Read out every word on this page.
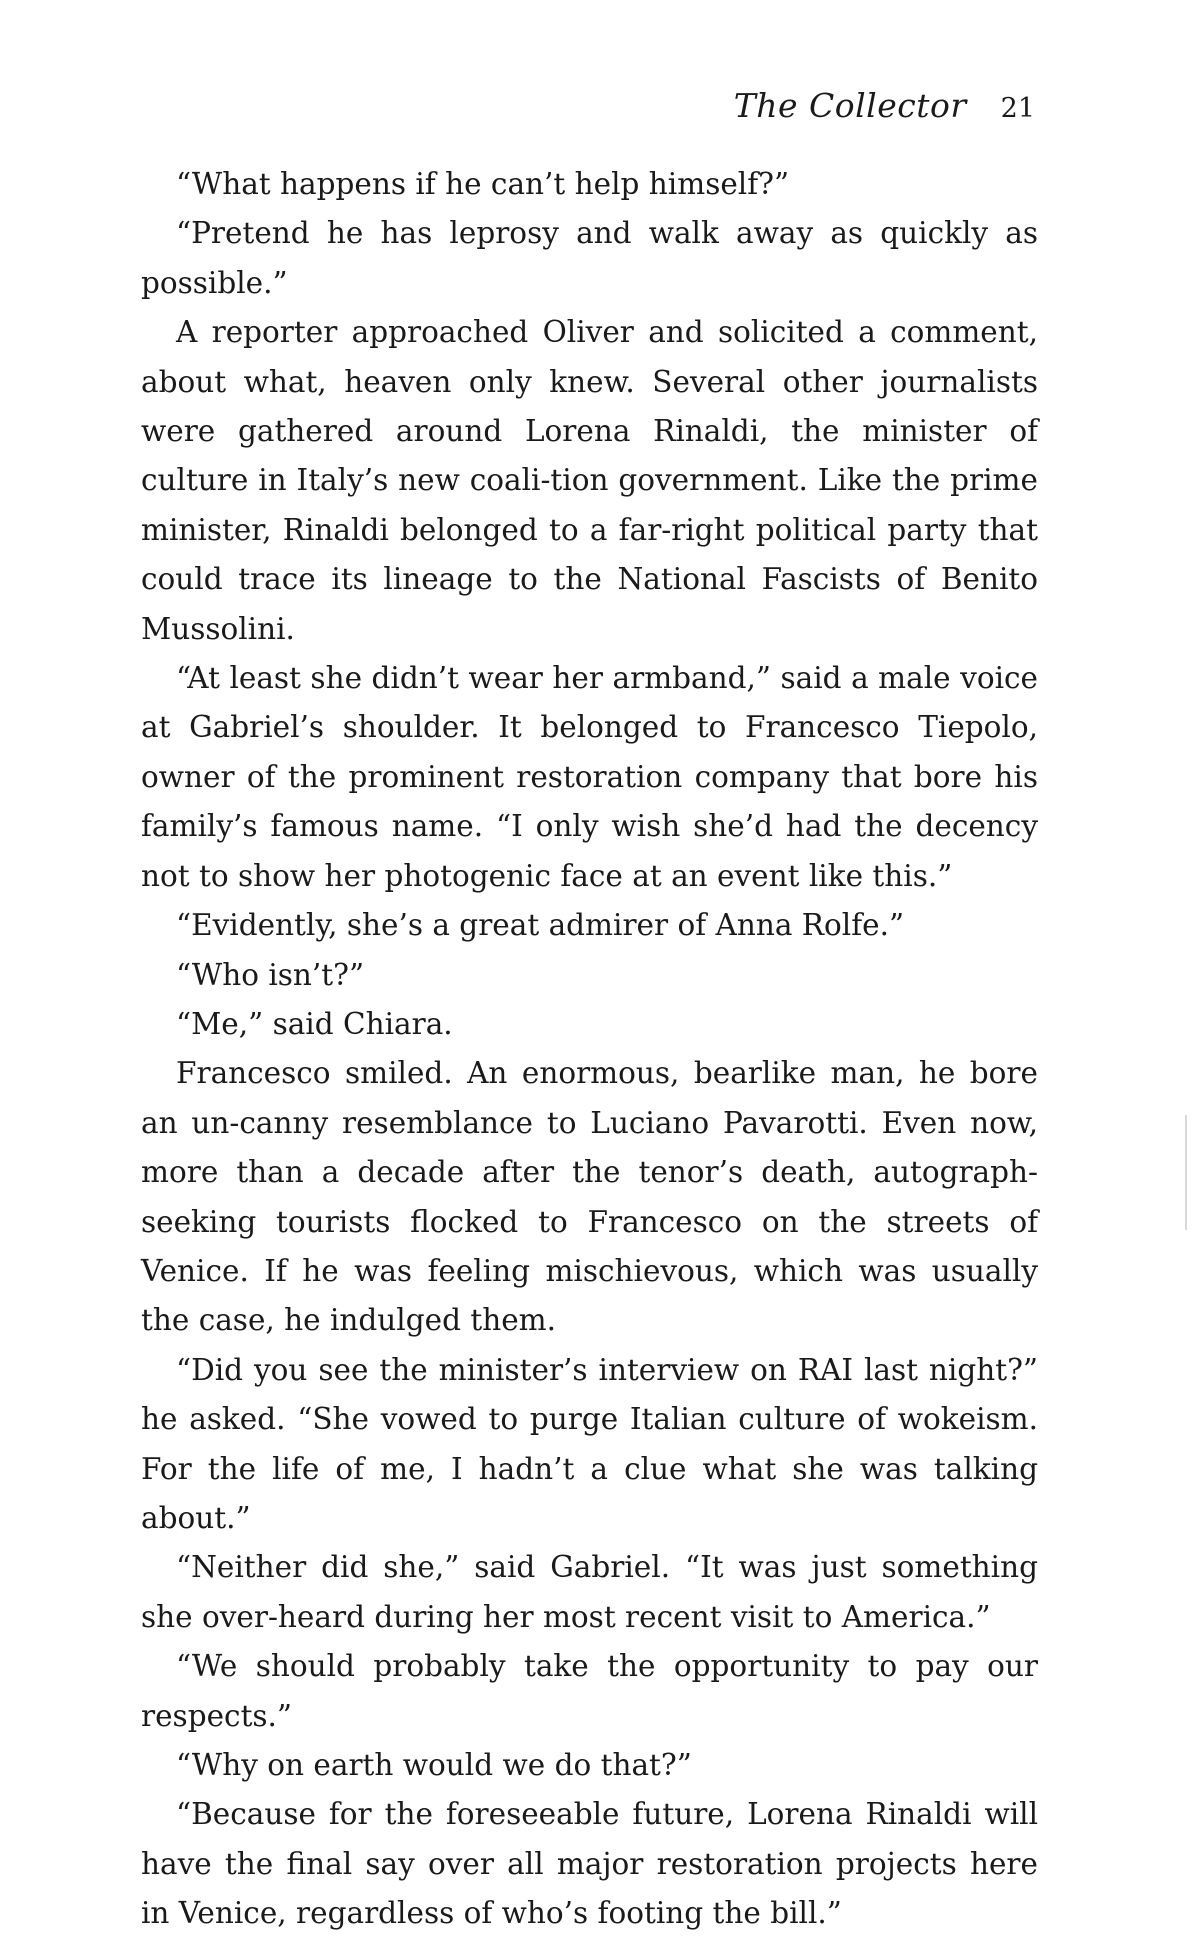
The Collector 21

“What happens if he can’t help himself?”

“Pretend he has leprosy and walk away as quickly as possible.”

A reporter approached Oliver and solicited a comment, about what, heaven only knew. Several other journalists were gathered around Lorena Rinaldi, the minister of culture in Italy’s new coali-tion government. Like the prime minister, Rinaldi belonged to a far-right political party that could trace its lineage to the National Fascists of Benito Mussolini.

“At least she didn’t wear her armband,” said a male voice at Gabriel’s shoulder. It belonged to Francesco Tiepolo, owner of the prominent restoration company that bore his family’s famous name. “I only wish she’d had the decency not to show her photogenic face at an event like this.”

“Evidently, she’s a great admirer of Anna Rolfe.”

“Who isn’t?”

“Me,” said Chiara.

Francesco smiled. An enormous, bearlike man, he bore an un-canny resemblance to Luciano Pavarotti. Even now, more than a decade after the tenor’s death, autograph-seeking tourists flocked to Francesco on the streets of Venice. If he was feeling mischievous, which was usually the case, he indulged them.

“Did you see the minister’s interview on RAI last night?” he asked. “She vowed to purge Italian culture of wokeism. For the life of me, I hadn’t a clue what she was talking about.”

“Neither did she,” said Gabriel. “It was just something she over-heard during her most recent visit to America.”

“We should probably take the opportunity to pay our respects.”

“Why on earth would we do that?”

“Because for the foreseeable future, Lorena Rinaldi will have the final say over all major restoration projects here in Venice, regardless of who’s footing the bill.”
